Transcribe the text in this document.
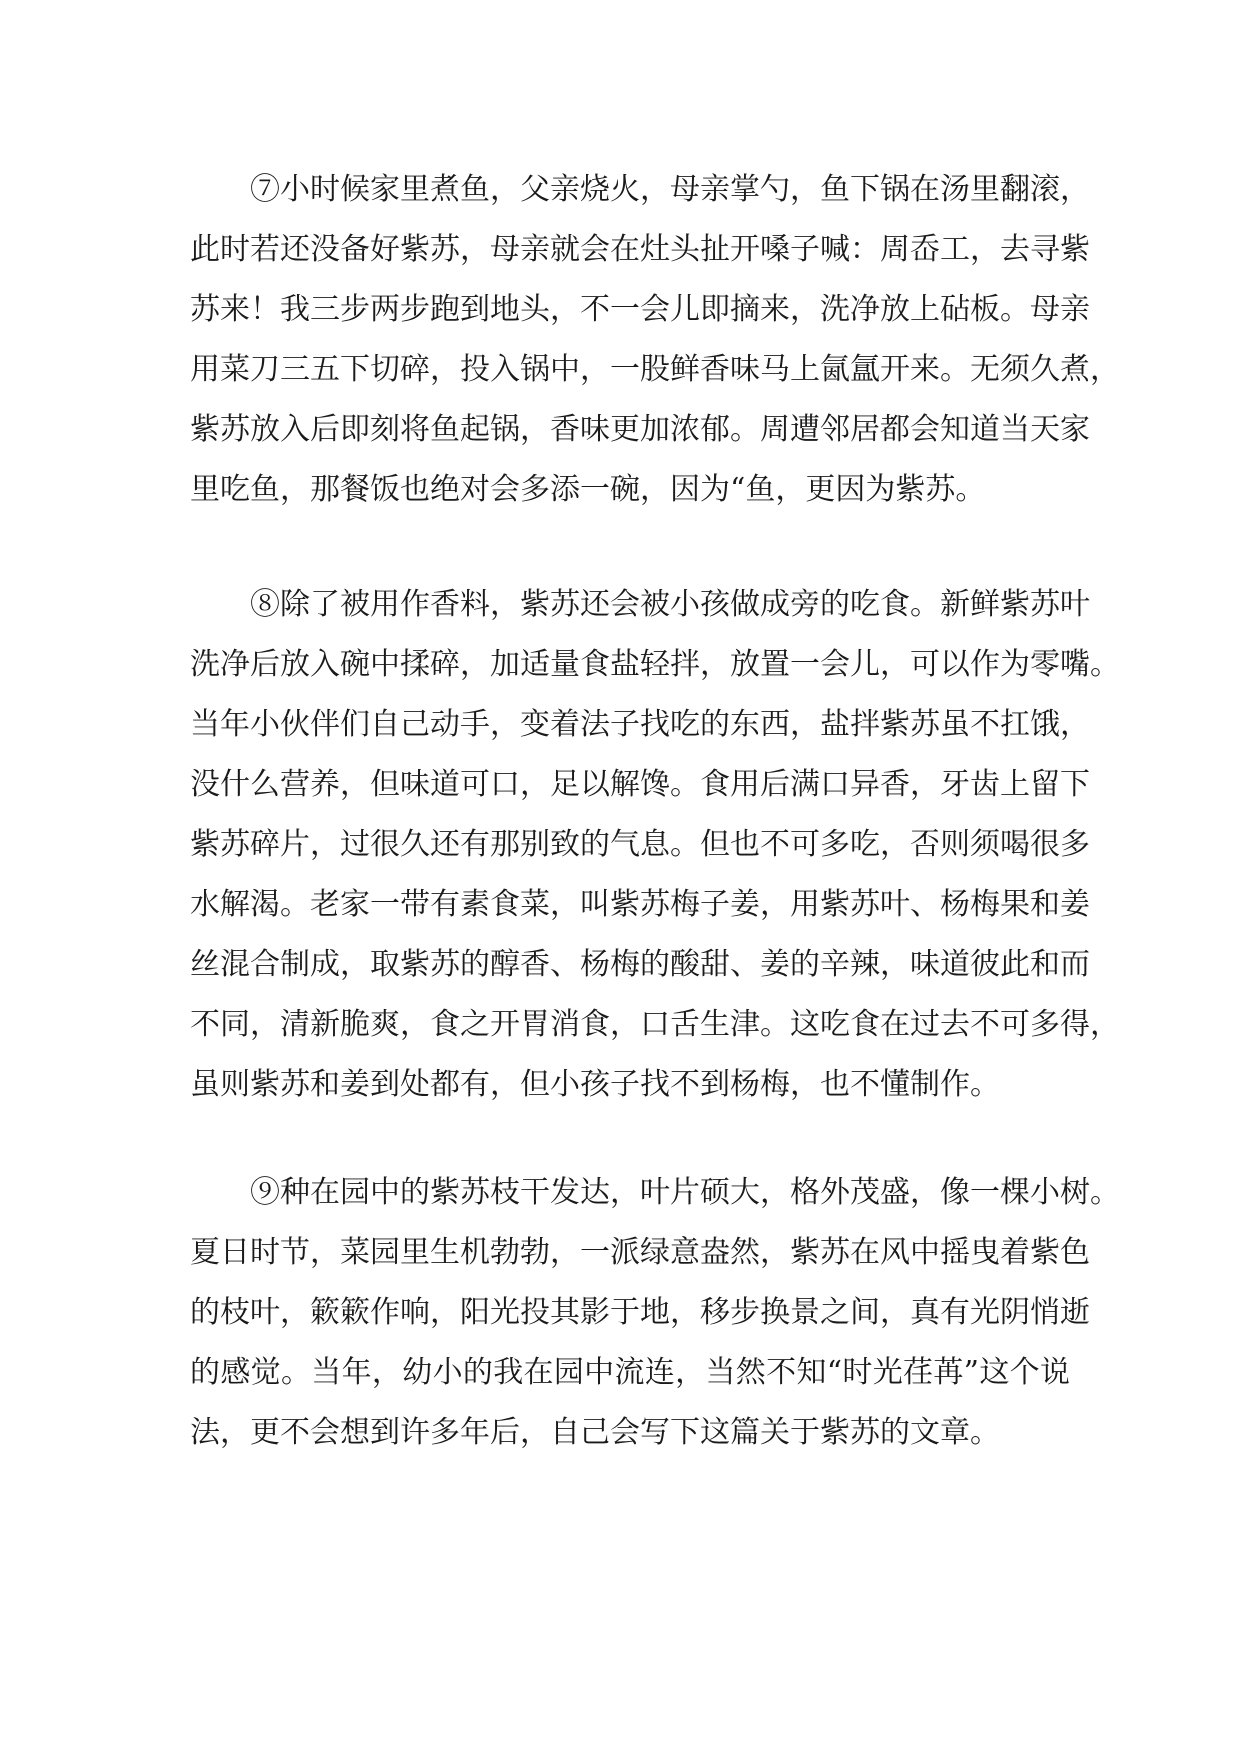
⑦小时候家里煮鱼，父亲烧火，母亲掌勺，鱼下锅在汤里翻滚，
此时若还没备好紫苏，母亲就会在灶头扯开嗓子喊：周岙工，去寻紫
苏来！我三步两步跑到地头，不一会儿即摘来，洗净放上砧板。母亲
用菜刀三五下切碎，投入锅中，一股鲜香味马上氤氲开来。无须久煮，
紫苏放入后即刻将鱼起锅，香味更加浓郁。周遭邻居都会知道当天家
里吃鱼，那餐饭也绝对会多添一碗，因为“鱼，更因为紫苏。

⑧除了被用作香料，紫苏还会被小孩做成旁的吃食。新鲜紫苏叶
洗净后放入碗中揉碎，加适量食盐轻拌，放置一会儿，可以作为零嘴。
当年小伙伴们自己动手，变着法子找吃的东西，盐拌紫苏虽不扛饿，
没什么营养，但味道可口，足以解馋。食用后满口异香，牙齿上留下
紫苏碎片，过很久还有那别致的气息。但也不可多吃，否则须喝很多
水解渴。老家一带有素食菜，叫紫苏梅子姜，用紫苏叶、杨梅果和姜
丝混合制成，取紫苏的醇香、杨梅的酸甜、姜的辛辣，味道彼此和而
不同，清新脆爽，食之开胃消食，口舌生津。这吃食在过去不可多得，
虽则紫苏和姜到处都有，但小孩子找不到杨梅，也不懂制作。

⑨种在园中的紫苏枝干发达，叶片硕大，格外茂盛，像一棵小树。
夏日时节，菜园里生机勃勃，一派绿意盎然，紫苏在风中摇曳着紫色
的枝叶，簌簌作响，阳光投其影于地，移步换景之间，真有光阴悄逝
的感觉。当年，幼小的我在园中流连，当然不知“时光荏苒”这个说
法，更不会想到许多年后，自己会写下这篇关于紫苏的文章。
